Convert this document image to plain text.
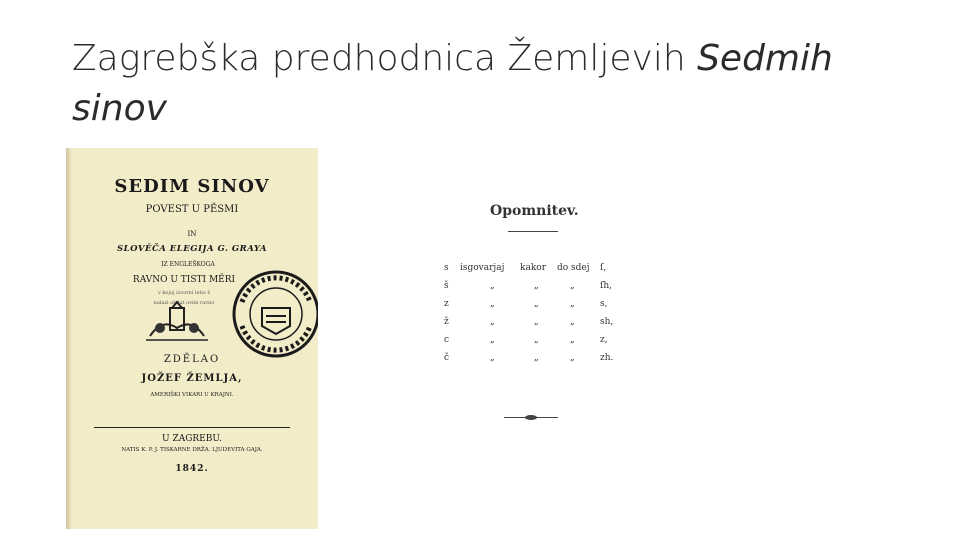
Zagrebška predhodnica Žemljevih Sedmih
sinov
SEDIM SINOV
POVEST U PĚSMI
IN
SLOVĚČA ELEGIJA G. GRAYA
IZ ENGLEŠKOGA
RAVNO U TISTI MĚRI
v kojoj izvorni lebo ž
nalazi obdat ovim ravno
ZDĚLAO
JOŽEF ŽEMLJA,
AMERIŠKI VIKARI U KRAJNI.
U ZAGREBU.
NATIS K. P. J. TISKARNE DRŽA. LJUDEVITA GAJA.
1842.
Opomnitev.
s isgovarjaj kakor do sdej ſ,
š	„	„	„	ſh,
z	„	„	„	s,
ž	„	„	„	sh,
c	„	„	„	z,
č	„	„	„	zh.
